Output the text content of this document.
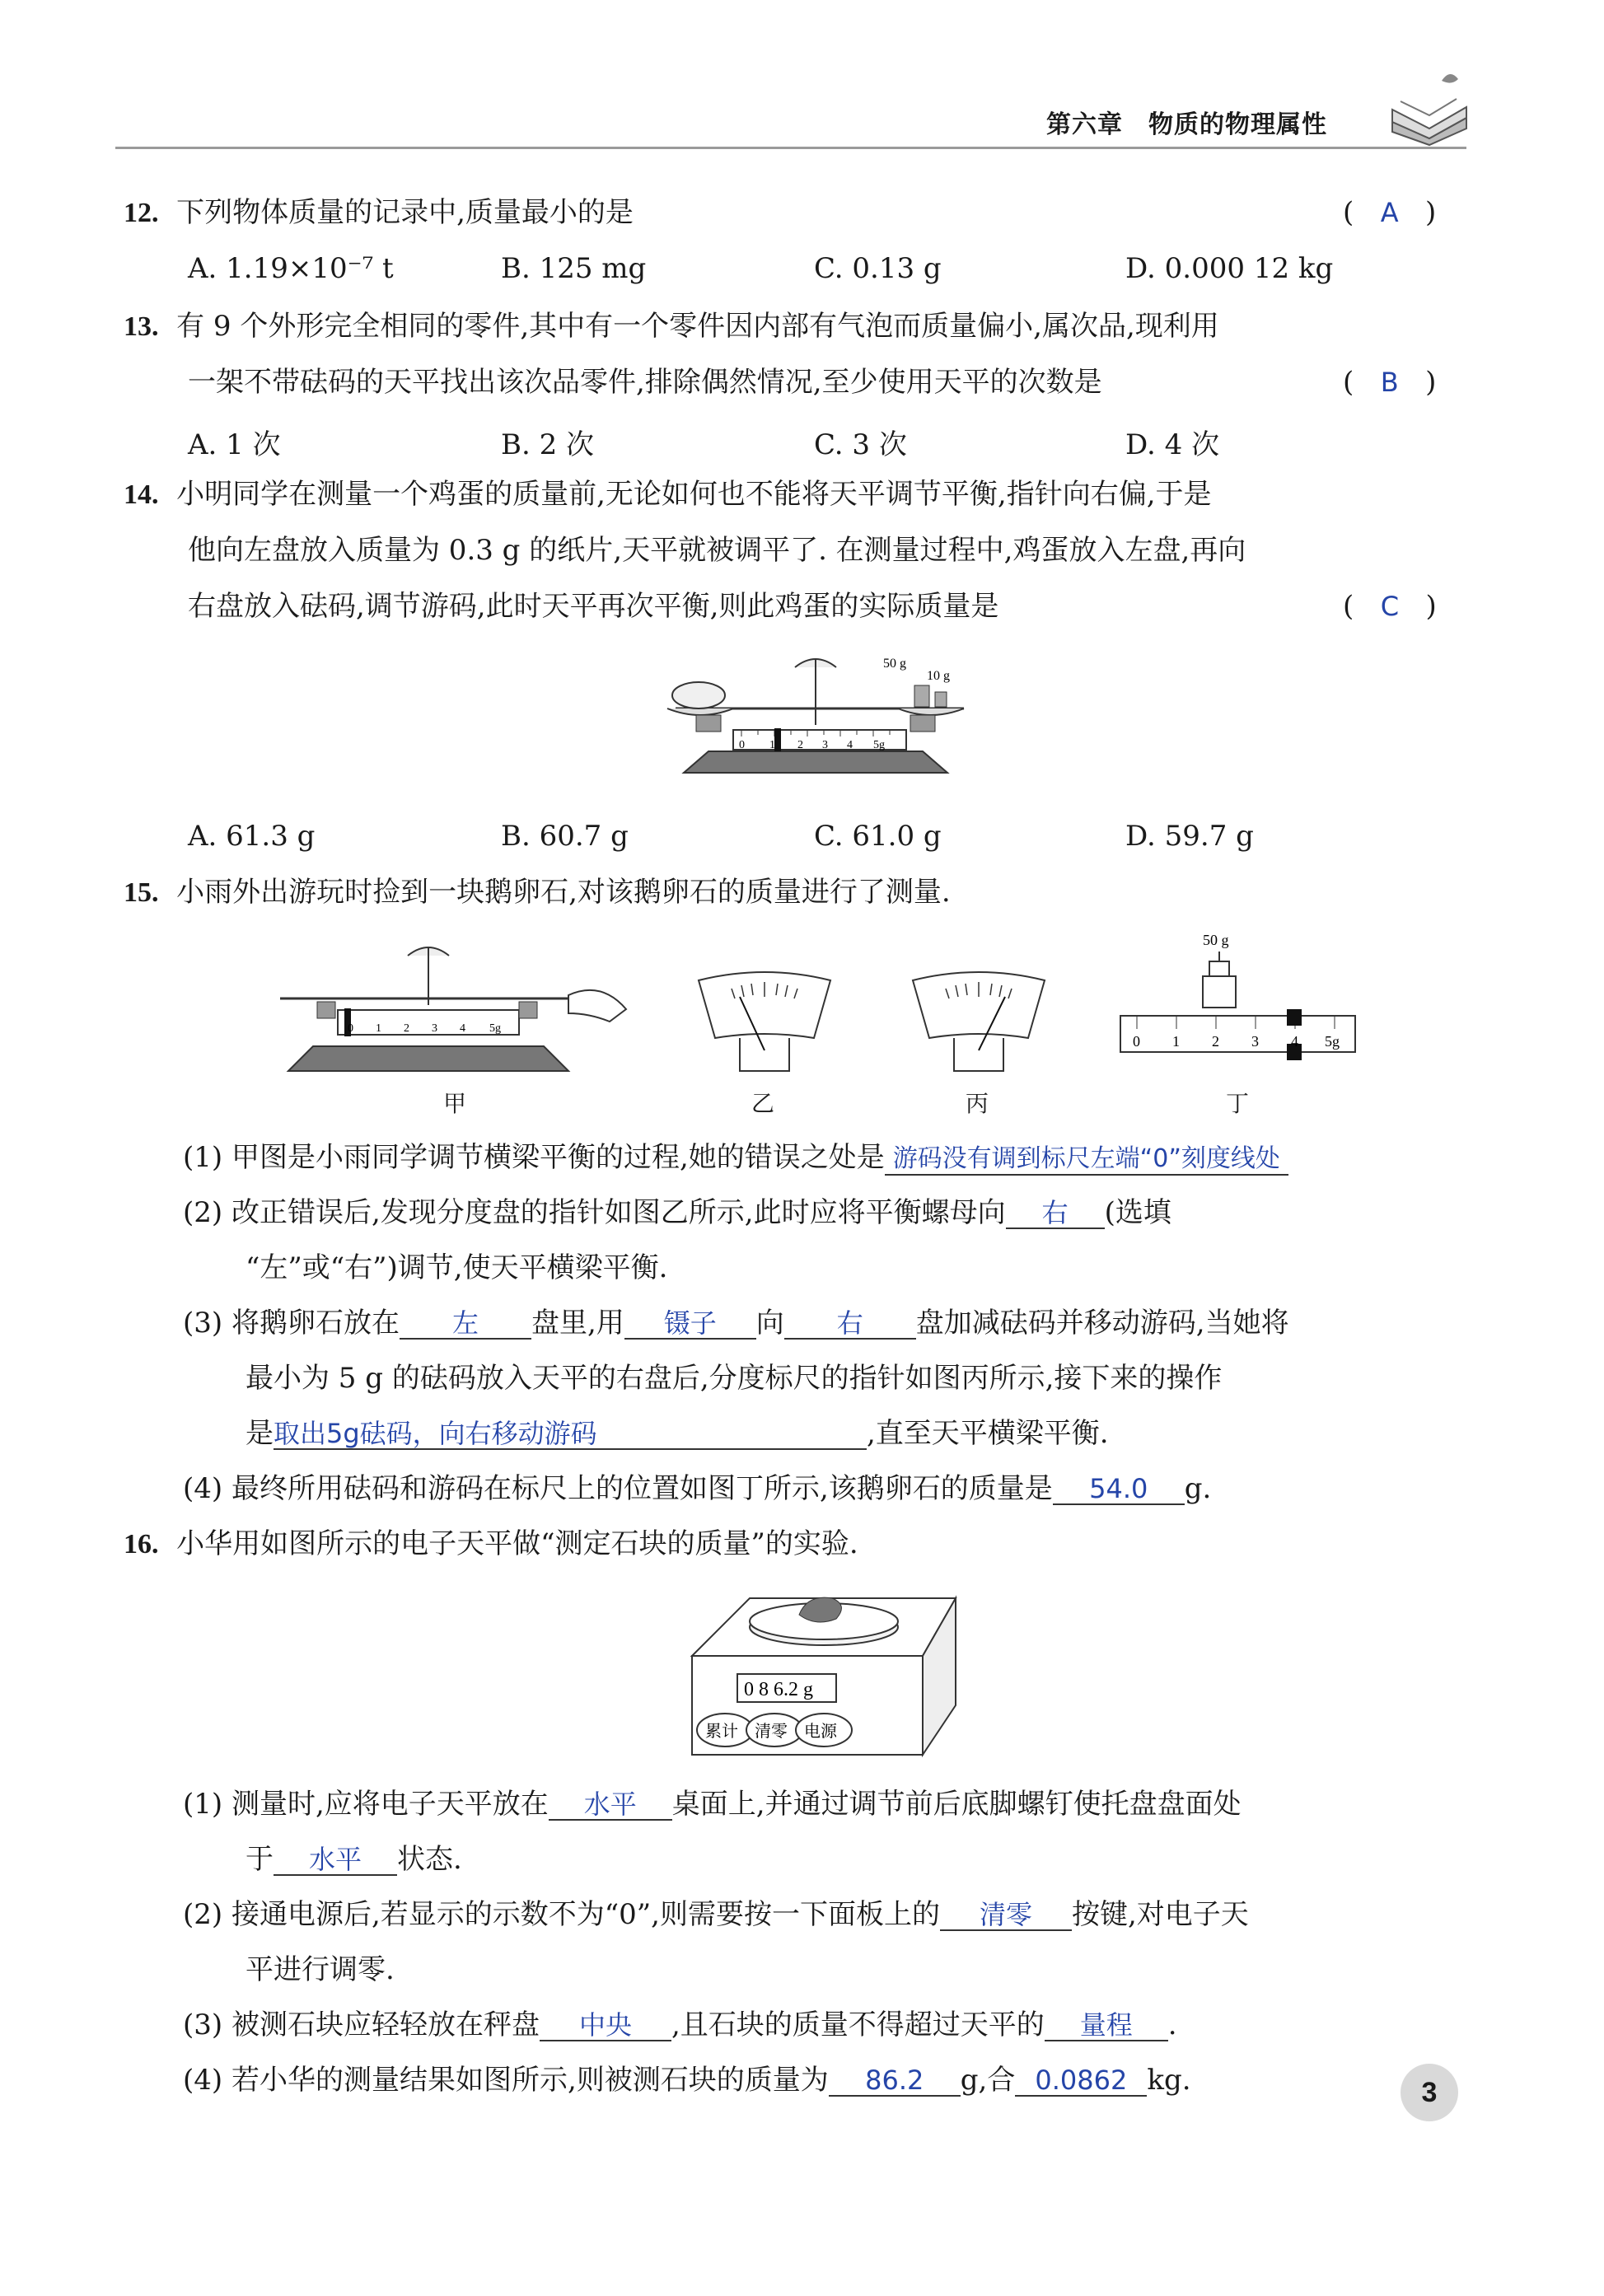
第六章　物质的物理属性
12. 下列物体质量的记录中,质量最小的是	(   A   )
A. 1.19×10⁻⁷ t	B. 125 mg	C. 0.13 g	D. 0.000 12 kg
13. 有 9 个外形完全相同的零件,其中有一个零件因内部有气泡而质量偏小,属次品,现利用
一架不带砝码的天平找出该次品零件,排除偶然情况,至少使用天平的次数是	(   B   )
A. 1 次	B. 2 次	C. 3 次	D. 4 次
14. 小明同学在测量一个鸡蛋的质量前,无论如何也不能将天平调节平衡,指针向右偏,于是
他向左盘放入质量为 0.3 g 的纸片,天平就被调平了. 在测量过程中,鸡蛋放入左盘,再向
右盘放入砝码,调节游码,此时天平再次平衡,则此鸡蛋的实际质量是	(   C   )
0 1 2 3 4 5g
50 g
10 g
A. 61.3 g	B. 60.7 g	C. 61.0 g	D. 59.7 g
15. 小雨外出游玩时捡到一块鹅卵石,对该鹅卵石的质量进行了测量.
0 1 2 3 4 5g
甲	乙	丙
50 g
0 1 2 3 4 5g
丁
(1) 甲图是小雨同学调节横梁平衡的过程,她的错误之处是 游码没有调到标尺左端“0”刻度线处
(2) 改正错误后,发现分度盘的指针如图乙所示,此时应将平衡螺母向 右 (选填
“左”或“右”)调节,使天平横梁平衡.
(3) 将鹅卵石放在 左 盘里,用 镊子 向 右 盘加减砝码并移动游码,当她将
最小为 5 g 的砝码放入天平的右盘后,分度标尺的指针如图丙所示,接下来的操作
是取出5g砝码，向右移动游码	,直至天平横梁平衡.
(4) 最终所用砝码和游码在标尺上的位置如图丁所示,该鹅卵石的质量是 54.0 g.
16. 小华用如图所示的电子天平做“测定石块的质量”的实验.
0 8 6.2 g
累计 清零 电源
(1) 测量时,应将电子天平放在 水平 桌面上,并通过调节前后底脚螺钉使托盘盘面处
于 水平 状态.
(2) 接通电源后,若显示的示数不为“0”,则需要按一下面板上的 清零 按键,对电子天
平进行调零.
(3) 被测石块应轻轻放在秤盘 中央 ,且石块的质量不得超过天平的 量程 .
(4) 若小华的测量结果如图所示,则被测石块的质量为 86.2 g,合 0.0862 kg.	3
